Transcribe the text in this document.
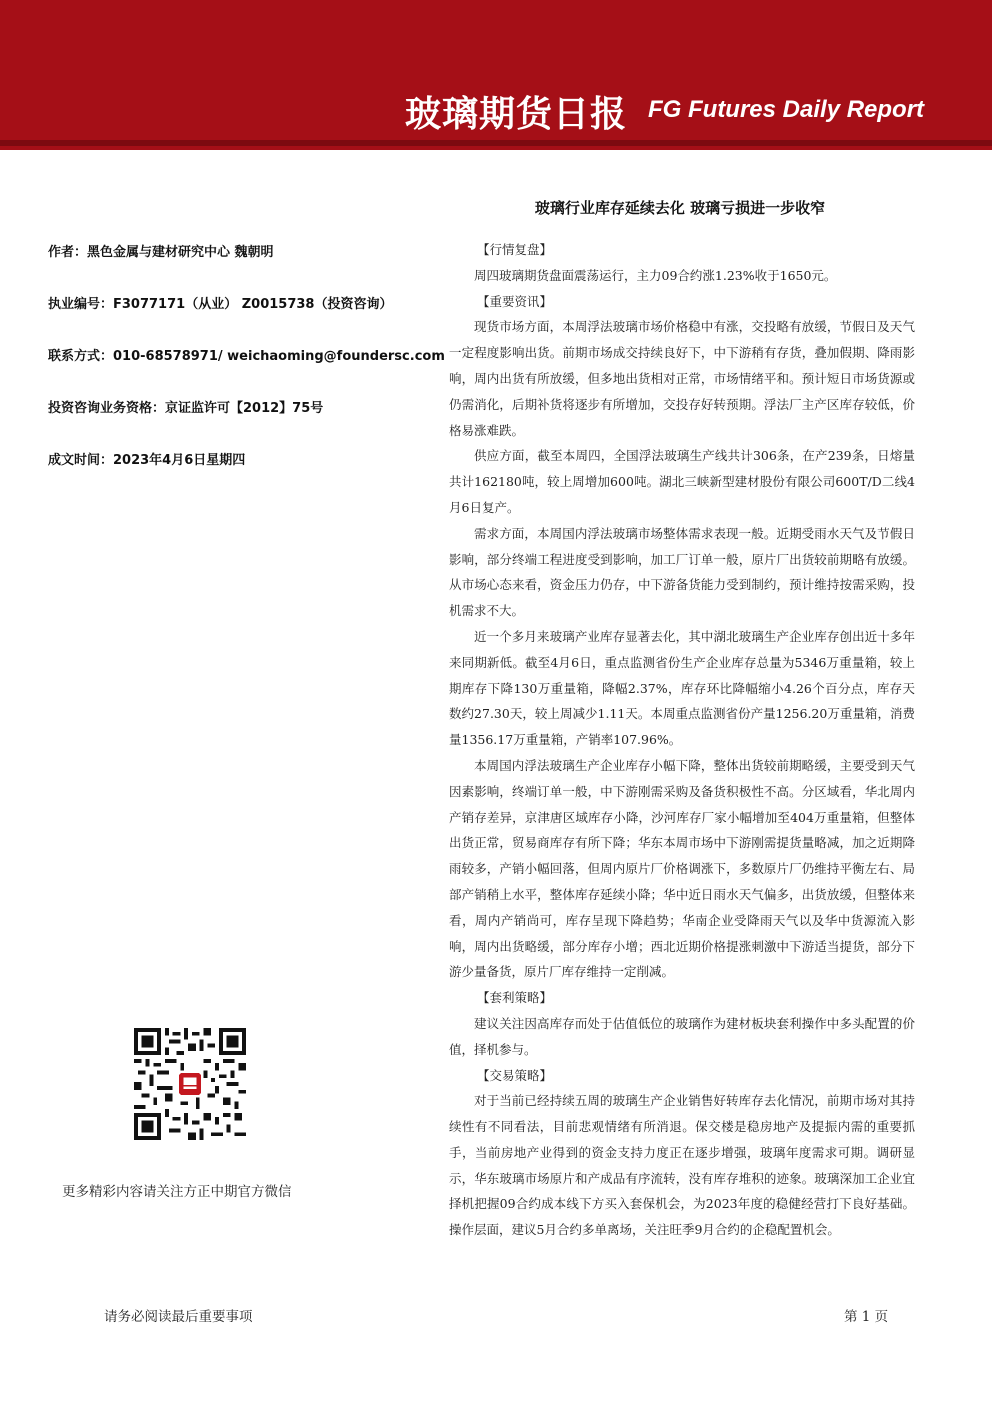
玻璃期货日报 FG Futures Daily Report
玻璃行业库存延续去化 玻璃亏损进一步收窄
作者：黑色金属与建材研究中心 魏朝明
执业编号：F3077171（从业） Z0015738（投资咨询）
联系方式：010-68578971/ weichaoming@foundersc.com
投资咨询业务资格：京证监许可【2012】75号
成文时间：2023年4月6日星期四
更多精彩内容请关注方正中期官方微信
【行情复盘】

周四玻璃期货盘面震荡运行，主力09合约涨1.23%收于1650元。

【重要资讯】

现货市场方面，本周浮法玻璃市场价格稳中有涨，交投略有放缓，节假日及天气一定程度影响出货。前期市场成交持续良好下，中下游稍有存货，叠加假期、降雨影响，周内出货有所放缓，但多地出货相对正常，市场情绪平和。预计短日市场货源或仍需消化，后期补货将逐步有所增加，交投存好转预期。浮法厂主产区库存较低，价格易涨难跌。

供应方面，截至本周四，全国浮法玻璃生产线共计306条，在产239条，日熔量共计162180吨，较上周增加600吨。湖北三峡新型建材股份有限公司600T/D二线4月6日复产。

需求方面，本周国内浮法玻璃市场整体需求表现一般。近期受雨水天气及节假日影响，部分终端工程进度受到影响，加工厂订单一般，原片厂出货较前期略有放缓。从市场心态来看，资金压力仍存，中下游备货能力受到制约，预计维持按需采购，投机需求不大。

近一个多月来玻璃产业库存显著去化，其中湖北玻璃生产企业库存创出近十多年来同期新低。截至4月6日，重点监测省份生产企业库存总量为5346万重量箱，较上期库存下降130万重量箱，降幅2.37%，库存环比降幅缩小4.26个百分点，库存天数约27.30天，较上周减少1.11天。本周重点监测省份产量1256.20万重量箱，消费量1356.17万重量箱，产销率107.96%。

本周国内浮法玻璃生产企业库存小幅下降，整体出货较前期略缓，主要受到天气因素影响，终端订单一般，中下游刚需采购及备货积极性不高。分区域看，华北周内产销存差异，京津唐区域库存小降，沙河库存厂家小幅增加至404万重量箱，但整体出货正常，贸易商库存有所下降；华东本周市场中下游刚需提货量略减，加之近期降雨较多，产销小幅回落，但周内原片厂价格调涨下，多数原片厂仍维持平衡左右、局部产销稍上水平，整体库存延续小降；华中近日雨水天气偏多，出货放缓，但整体来看，周内产销尚可，库存呈现下降趋势；华南企业受降雨天气以及华中货源流入影响，周内出货略缓，部分库存小增；西北近期价格提涨刺激中下游适当提货，部分下游少量备货，原片厂库存维持一定削减。

【套利策略】

建议关注因高库存而处于估值低位的玻璃作为建材板块套利操作中多头配置的价值，择机参与。

【交易策略】

对于当前已经持续五周的玻璃生产企业销售好转库存去化情况，前期市场对其持续性有不同看法，目前悲观情绪有所消退。保交楼是稳房地产及提振内需的重要抓手，当前房地产业得到的资金支持力度正在逐步增强，玻璃年度需求可期。调研显示，华东玻璃市场原片和产成品有序流转，没有库存堆积的迹象。玻璃深加工企业宜择机把握09合约成本线下方买入套保机会，为2023年度的稳健经营打下良好基础。操作层面，建议5月合约多单离场，关注旺季9月合约的企稳配置机会。

请务必阅读最后重要事项	第 1 页
